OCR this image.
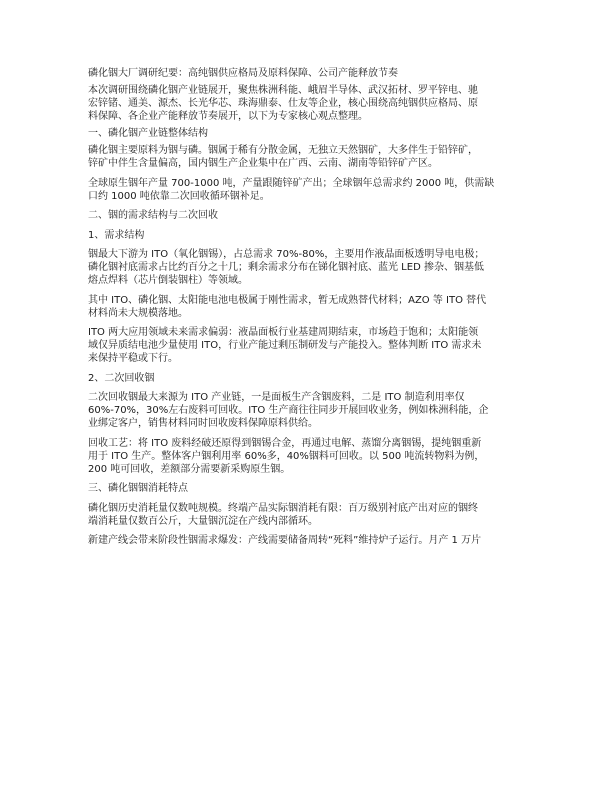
磷化铟大厂调研纪要：高纯铟供应格局及原料保障、公司产能释放节奏

本次调研围绕磷化铟产业链展开，聚焦株洲科能、峨眉半导体、武汉拓材、罗平锌电、驰

宏锌锗、通美、源杰、长光华芯、珠海鼎泰、仕友等企业，核心围绕高纯铟供应格局、原

料保障、各企业产能释放节奏展开，以下为专家核心观点整理。

一、磷化铟产业链整体结构

磷化铟主要原料为铟与磷。铟属于稀有分散金属，无独立天然铟矿，大多伴生于铅锌矿，

锌矿中伴生含量偏高，国内铟生产企业集中在广西、云南、湖南等铅锌矿产区。

全球原生铟年产量 700-1000 吨，产量跟随锌矿产出；全球铟年总需求约 2000 吨，供需缺

口约 1000 吨依靠二次回收循环铟补足。

二、铟的需求结构与二次回收

1、需求结构

铟最大下游为 ITO（氧化铟锡），占总需求 70%-80%，主要用作液晶面板透明导电电极；

磷化铟衬底需求占比约百分之十几；剩余需求分布在锑化铟衬底、蓝光 LED 掺杂、铟基低

熔点焊料（芯片倒装铟柱）等领域。

其中 ITO、磷化铟、太阳能电池电极属于刚性需求，暂无成熟替代材料；AZO 等 ITO 替代

材料尚未大规模落地。

ITO 两大应用领域未来需求偏弱：液晶面板行业基建周期结束，市场趋于饱和；太阳能领

域仅异质结电池少量使用 ITO，行业产能过剩压制研发与产能投入。整体判断 ITO 需求未

来保持平稳或下行。

2、二次回收铟

二次回收铟最大来源为 ITO 产业链，一是面板生产含铟废料，二是 ITO 制造利用率仅

60%-70%，30%左右废料可回收。ITO 生产商往往同步开展回收业务，例如株洲科能，企

业绑定客户，销售材料同时回收废料保障原料供给。

回收工艺：将 ITO 废料经破还原得到铟锡合金，再通过电解、蒸馏分离铟锡，提纯铟重新

用于 ITO 生产。整体客户铟利用率 60%多，40%铟料可回收。以 500 吨流转物料为例，

200 吨可回收，差额部分需要新采购原生铟。

三、磷化铟铟消耗特点

磷化铟历史消耗量仅数吨规模。终端产品实际铟消耗有限：百万级别衬底产出对应的铟终

端消耗量仅数百公斤，大量铟沉淀在产线内部循环。

新建产线会带来阶段性铟需求爆发：产线需要储备周转“死料”维持炉子运行。月产 1 万片
